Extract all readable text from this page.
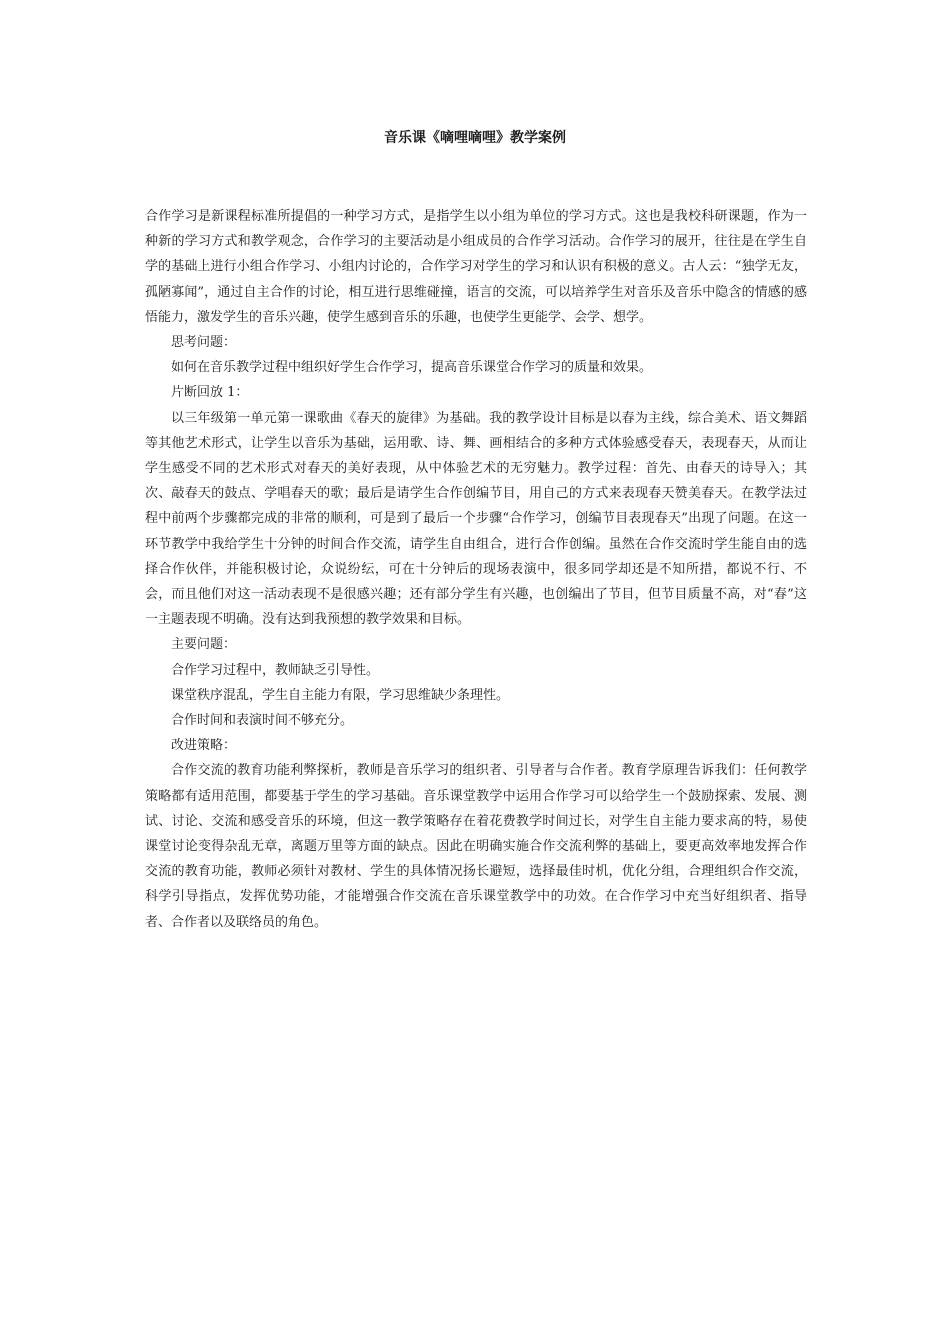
音乐课《嘀哩嘀哩》教学案例

合作学习是新课程标准所提倡的一种学习方式，是指学生以小组为单位的学习方式。这也是我校科研课题，作为一种新的学习方式和教学观念，合作学习的主要活动是小组成员的合作学习活动。合作学习的展开，往往是在学生自学的基础上进行小组合作学习、小组内讨论的，合作学习对学生的学习和认识有积极的意义。古人云：“独学无友，孤陋寡闻”，通过自主合作的讨论，相互进行思维碰撞，语言的交流，可以培养学生对音乐及音乐中隐含的情感的感悟能力，激发学生的音乐兴趣，使学生感到音乐的乐趣，也使学生更能学、会学、想学。

思考问题：

如何在音乐教学过程中组织好学生合作学习，提高音乐课堂合作学习的质量和效果。

片断回放 1：

以三年级第一单元第一课歌曲《春天的旋律》为基础。我的教学设计目标是以春为主线，综合美术、语文舞蹈等其他艺术形式，让学生以音乐为基础，运用歌、诗、舞、画相结合的多种方式体验感受春天，表现春天，从而让学生感受不同的艺术形式对春天的美好表现，从中体验艺术的无穷魅力。教学过程：首先、由春天的诗导入；其次、敲春天的鼓点、学唱春天的歌；最后是请学生合作创编节目，用自己的方式来表现春天赞美春天。在教学法过程中前两个步骤都完成的非常的顺利，可是到了最后一个步骤“合作学习，创编节目表现春天”出现了问题。在这一环节教学中我给学生十分钟的时间合作交流，请学生自由组合，进行合作创编。虽然在合作交流时学生能自由的选择合作伙伴，并能积极讨论，众说纷纭，可在十分钟后的现场表演中，很多同学却还是不知所措，都说不行、不会，而且他们对这一活动表现不是很感兴趣；还有部分学生有兴趣，也创编出了节目，但节目质量不高，对“春”这一主题表现不明确。没有达到我预想的教学效果和目标。

主要问题：

合作学习过程中，教师缺乏引导性。

课堂秩序混乱，学生自主能力有限，学习思维缺少条理性。

合作时间和表演时间不够充分。

改进策略：

合作交流的教育功能利弊探析，教师是音乐学习的组织者、引导者与合作者。教育学原理告诉我们：任何教学策略都有适用范围，都要基于学生的学习基础。音乐课堂教学中运用合作学习可以给学生一个鼓励探索、发展、测试、讨论、交流和感受音乐的环境，但这一教学策略存在着花费教学时间过长，对学生自主能力要求高的特，易使课堂讨论变得杂乱无章，离题万里等方面的缺点。因此在明确实施合作交流利弊的基础上，要更高效率地发挥合作交流的教育功能，教师必须针对教材、学生的具体情况扬长避短，选择最佳时机，优化分组，合理组织合作交流，科学引导指点，发挥优势功能，才能增强合作交流在音乐课堂教学中的功效。在合作学习中充当好组织者、指导者、合作者以及联络员的角色。
